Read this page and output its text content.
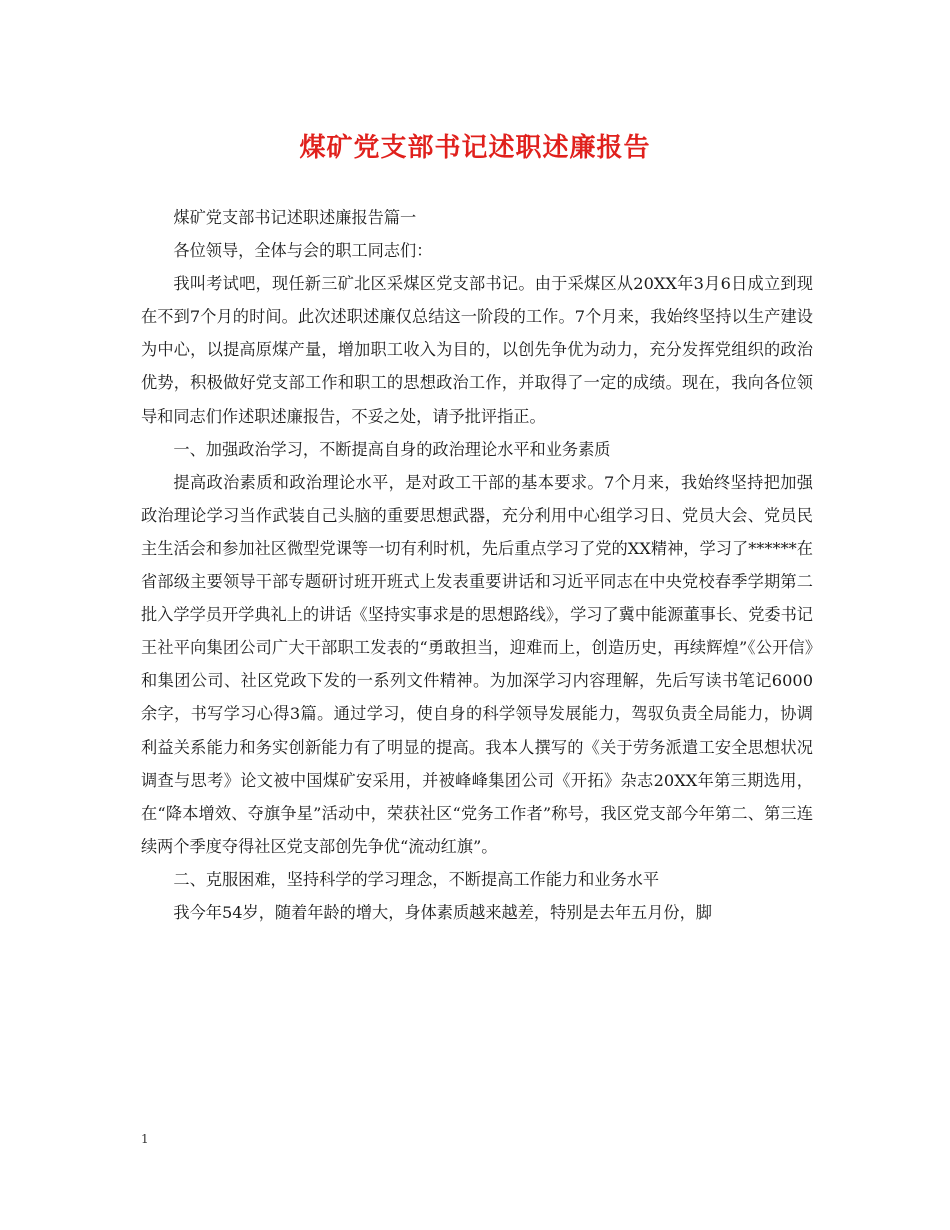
煤矿党支部书记述职述廉报告

煤矿党支部书记述职述廉报告篇一

各位领导，全体与会的职工同志们：

我叫考试吧，现任新三矿北区采煤区党支部书记。由于采煤区从20XX年3月6日成立到现在不到7个月的时间。此次述职述廉仅总结这一阶段的工作。7个月来，我始终坚持以生产建设为中心，以提高原煤产量，增加职工收入为目的，以创先争优为动力，充分发挥党组织的政治优势，积极做好党支部工作和职工的思想政治工作，并取得了一定的成绩。现在，我向各位领导和同志们作述职述廉报告，不妥之处，请予批评指正。

一、加强政治学习，不断提高自身的政治理论水平和业务素质

提高政治素质和政治理论水平，是对政工干部的基本要求。7个月来，我始终坚持把加强政治理论学习当作武装自己头脑的重要思想武器，充分利用中心组学习日、党员大会、党员民主生活会和参加社区微型党课等一切有利时机，先后重点学习了党的XX精神，学习了******在省部级主要领导干部专题研讨班开班式上发表重要讲话和习近平同志在中央党校春季学期第二批入学学员开学典礼上的讲话《坚持实事求是的思想路线》，学习了冀中能源董事长、党委书记王社平向集团公司广大干部职工发表的“勇敢担当，迎难而上，创造历史，再续辉煌”《公开信》和集团公司、社区党政下发的一系列文件精神。为加深学习内容理解，先后写读书笔记6000余字，书写学习心得3篇。通过学习，使自身的科学领导发展能力，驾驭负责全局能力，协调利益关系能力和务实创新能力有了明显的提高。我本人撰写的《关于劳务派遣工安全思想状况调查与思考》论文被中国煤矿安采用，并被峰峰集团公司《开拓》杂志20XX年第三期选用，在“降本增效、夺旗争星”活动中，荣获社区“党务工作者”称号，我区党支部今年第二、第三连续两个季度夺得社区党支部创先争优“流动红旗”。

二、克服困难，坚持科学的学习理念，不断提高工作能力和业务水平

我今年54岁，随着年龄的增大，身体素质越来越差，特别是去年五月份，脚

1
